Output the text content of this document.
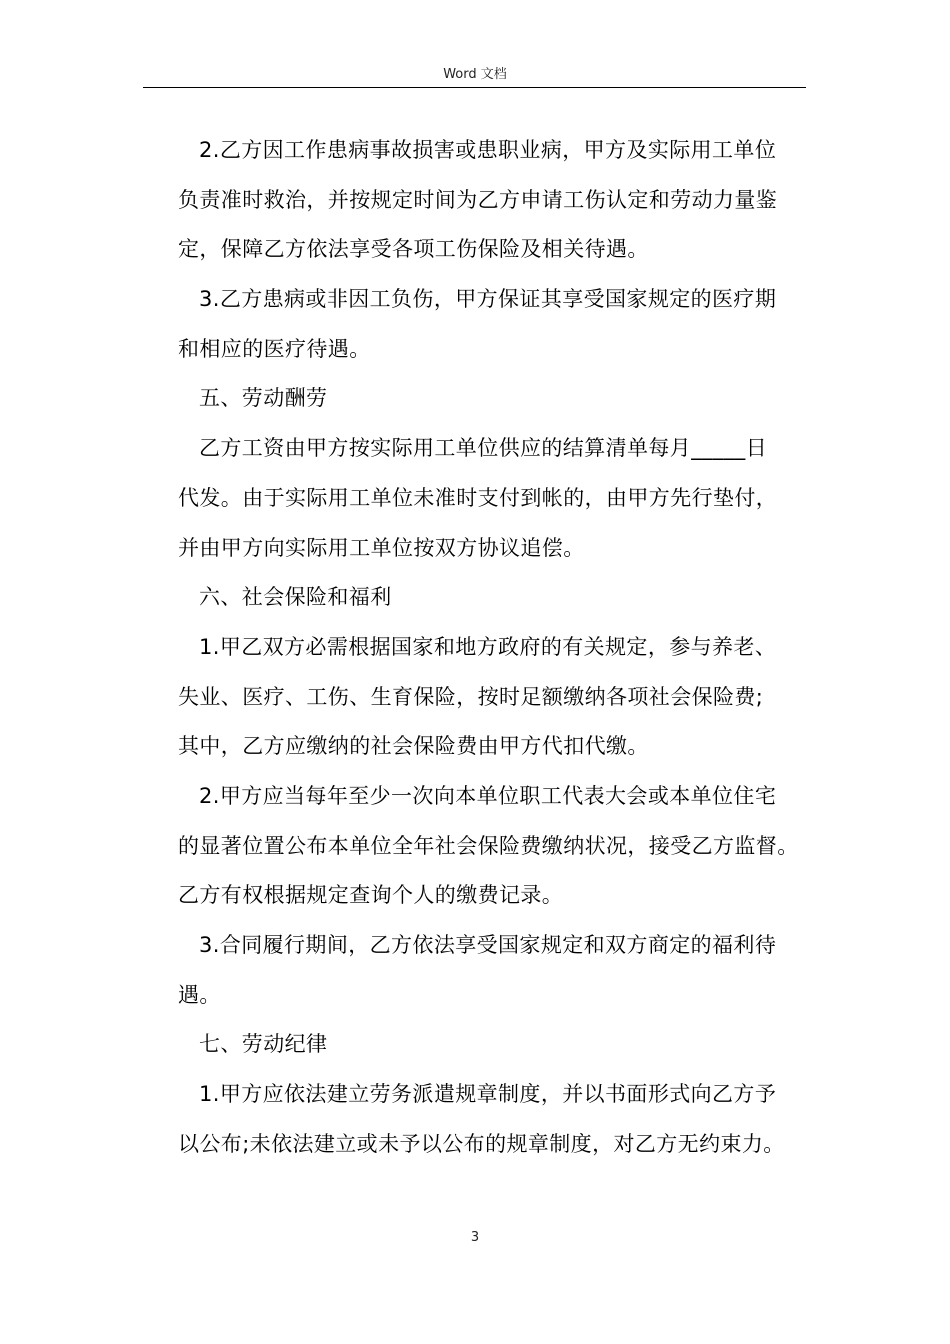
Word 文档
2.乙方因工作患病事故损害或患职业病，甲方及实际用工单位
负责准时救治，并按规定时间为乙方申请工伤认定和劳动力量鉴
定，保障乙方依法享受各项工伤保险及相关待遇。
3.乙方患病或非因工负伤，甲方保证其享受国家规定的医疗期
和相应的医疗待遇。
五、劳动酬劳
乙方工资由甲方按实际用工单位供应的结算清单每月_____日
代发。由于实际用工单位未准时支付到帐的，由甲方先行垫付，
并由甲方向实际用工单位按双方协议追偿。
六、社会保险和福利
1.甲乙双方必需根据国家和地方政府的有关规定，参与养老、
失业、医疗、工伤、生育保险，按时足额缴纳各项社会保险费;
其中，乙方应缴纳的社会保险费由甲方代扣代缴。
2.甲方应当每年至少一次向本单位职工代表大会或本单位住宅
的显著位置公布本单位全年社会保险费缴纳状况，接受乙方监督。
乙方有权根据规定查询个人的缴费记录。
3.合同履行期间，乙方依法享受国家规定和双方商定的福利待
遇。
七、劳动纪律
1.甲方应依法建立劳务派遣规章制度，并以书面形式向乙方予
以公布;未依法建立或未予以公布的规章制度，对乙方无约束力。
3
